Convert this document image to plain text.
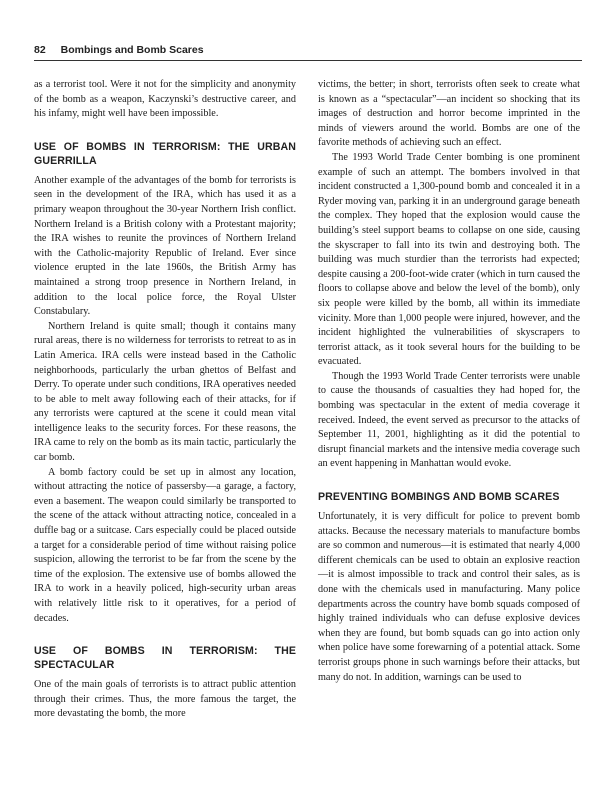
82 Bombings and Bomb Scares

as a terrorist tool. Were it not for the simplicity and anonymity of the bomb as a weapon, Kaczynski’s destructive career, and his infamy, might well have been impossible.

USE OF BOMBS IN TERRORISM: THE URBAN GUERRILLA

Another example of the advantages of the bomb for terrorists is seen in the development of the IRA, which has used it as a primary weapon throughout the 30-year Northern Irish conflict. Northern Ireland is a British colony with a Protestant majority; the IRA wishes to reunite the provinces of Northern Ireland with the Catholic-majority Republic of Ireland. Ever since violence erupted in the late 1960s, the British Army has maintained a strong troop presence in Northern Ireland, in addition to the local police force, the Royal Ulster Constabulary.

Northern Ireland is quite small; though it contains many rural areas, there is no wilderness for terrorists to retreat to as in Latin America. IRA cells were instead based in the Catholic neighborhoods, particularly the urban ghettos of Belfast and Derry. To operate under such conditions, IRA operatives needed to be able to melt away following each of their attacks, for if any terrorists were captured at the scene it could mean vital intelligence leaks to the security forces. For these reasons, the IRA came to rely on the bomb as its main tactic, particularly the car bomb.

A bomb factory could be set up in almost any location, without attracting the notice of passersby—a garage, a factory, even a basement. The weapon could similarly be transported to the scene of the attack without attracting notice, concealed in a duffle bag or a suitcase. Cars especially could be placed outside a target for a considerable period of time without raising police suspicion, allowing the terrorist to be far from the scene by the time of the explosion. The extensive use of bombs allowed the IRA to work in a heavily policed, high-security urban areas with relatively little risk to it operatives, for a period of decades.

USE OF BOMBS IN TERRORISM: THE SPECTACULAR

One of the main goals of terrorists is to attract public attention through their crimes. Thus, the more famous the target, the more devastating the bomb, the more

victims, the better; in short, terrorists often seek to create what is known as a “spectacular”—an incident so shocking that its images of destruction and horror become imprinted in the minds of viewers around the world. Bombs are one of the favorite methods of achieving such an effect.

The 1993 World Trade Center bombing is one prominent example of such an attempt. The bombers involved in that incident constructed a 1,300-pound bomb and concealed it in a Ryder moving van, parking it in an underground garage beneath the complex. They hoped that the explosion would cause the building’s steel support beams to collapse on one side, causing the skyscraper to fall into its twin and destroying both. The building was much sturdier than the terrorists had expected; despite causing a 200-foot-wide crater (which in turn caused the floors to collapse above and below the level of the bomb), only six people were killed by the bomb, all within its immediate vicinity. More than 1,000 people were injured, however, and the incident highlighted the vulnerabilities of skyscrapers to terrorist attack, as it took several hours for the building to be evacuated.

Though the 1993 World Trade Center terrorists were unable to cause the thousands of casualties they had hoped for, the bombing was spectacular in the extent of media coverage it received. Indeed, the event served as precursor to the attacks of September 11, 2001, highlighting as it did the potential to disrupt financial markets and the intensive media coverage such an event happening in Manhattan would evoke.

PREVENTING BOMBINGS AND BOMB SCARES

Unfortunately, it is very difficult for police to prevent bomb attacks. Because the necessary materials to manufacture bombs are so common and numerous—it is estimated that nearly 4,000 different chemicals can be used to obtain an explosive reaction—it is almost impossible to track and control their sales, as is done with the chemicals used in manufacturing. Many police departments across the country have bomb squads composed of highly trained individuals who can defuse explosive devices when they are found, but bomb squads can go into action only when police have some forewarning of a potential attack. Some terrorist groups phone in such warnings before their attacks, but many do not. In addition, warnings can be used to
